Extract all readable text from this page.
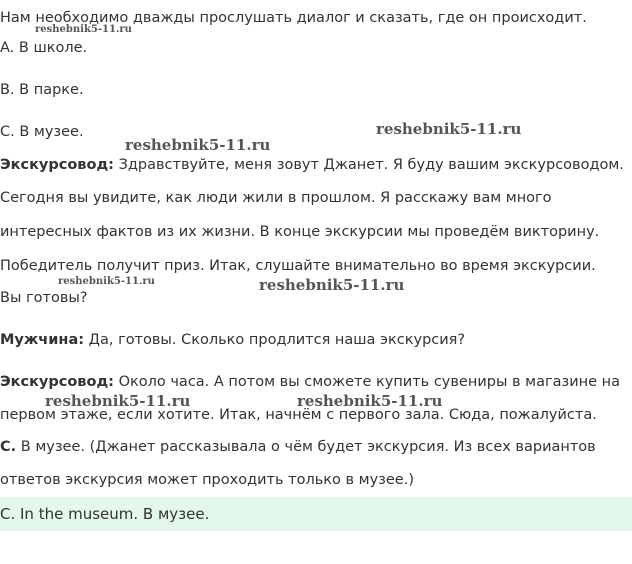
Нам необходимо дважды прослушать диалог и сказать, где он происходит.
A. В школе.
B. В парке.
C. В музее.
Экскурсовод: Здравствуйте, меня зовут Джанет. Я буду вашим экскурсоводом.
Сегодня вы увидите, как люди жили в прошлом. Я расскажу вам много
интересных фактов из их жизни. В конце экскурсии мы проведём викторину.
Победитель получит приз. Итак, слушайте внимательно во время экскурсии.
Вы готовы?
Мужчина: Да, готовы. Сколько продлится наша экскурсия?
Экскурсовод: Около часа. А потом вы сможете купить сувениры в магазине на
первом этаже, если хотите. Итак, начнём с первого зала. Сюда, пожалуйста.
C. В музее. (Джанет рассказывала о чём будет экскурсия. Из всех вариантов
ответов экскурсия может проходить только в музее.)
C. In the museum. В музее.
reshebnik5-11.ru
reshebnik5-11.ru
reshebnik5-11.ru
reshebnik5-11.ru	reshebnik5-11.ru
reshebnik5-11.ru	reshebnik5-11.ru
